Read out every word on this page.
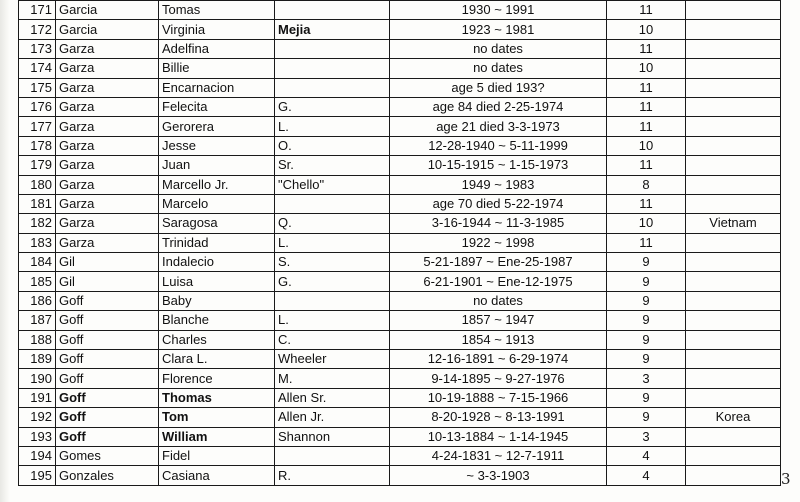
171	Garcia	Tomas		1930 ~ 1991	11	
172	Garcia	Virginia	Mejia	1923 ~ 1981	10	
173	Garza	Adelfina		no dates	11	
174	Garza	Billie		no dates	10	
175	Garza	Encarnacion		age 5 died 193?	11	
176	Garza	Felecita	G.	age 84 died 2-25-1974	11	
177	Garza	Gerorera	L.	age 21 died 3-3-1973	11	
178	Garza	Jesse	O.	12-28-1940 ~ 5-11-1999	10	
179	Garza	Juan	Sr.	10-15-1915 ~ 1-15-1973	11	
180	Garza	Marcello Jr.	"Chello"	1949 ~ 1983	8	
181	Garza	Marcelo		age 70 died 5-22-1974	11	
182	Garza	Saragosa	Q.	3-16-1944 ~ 11-3-1985	10	Vietnam
183	Garza	Trinidad	L.	1922 ~ 1998	11	
184	Gil	Indalecio	S.	5-21-1897 ~ Ene-25-1987	9	
185	Gil	Luisa	G.	6-21-1901 ~ Ene-12-1975	9	
186	Goff	Baby		no dates	9	
187	Goff	Blanche	L.	1857 ~ 1947	9	
188	Goff	Charles	C.	1854 ~ 1913	9	
189	Goff	Clara L.	Wheeler	12-16-1891 ~ 6-29-1974	9	
190	Goff	Florence	M.	9-14-1895 ~ 9-27-1976	3	
191	Goff	Thomas	Allen Sr.	10-19-1888 ~ 7-15-1966	9	
192	Goff	Tom	Allen Jr.	8-20-1928 ~ 8-13-1991	9	Korea
193	Goff	William	Shannon	10-13-1884 ~ 1-14-1945	3	
194	Gomes	Fidel		4-24-1831 ~ 12-7-1911	4	
195	Gonzales	Casiana	R.	~ 3-3-1903	4		3
